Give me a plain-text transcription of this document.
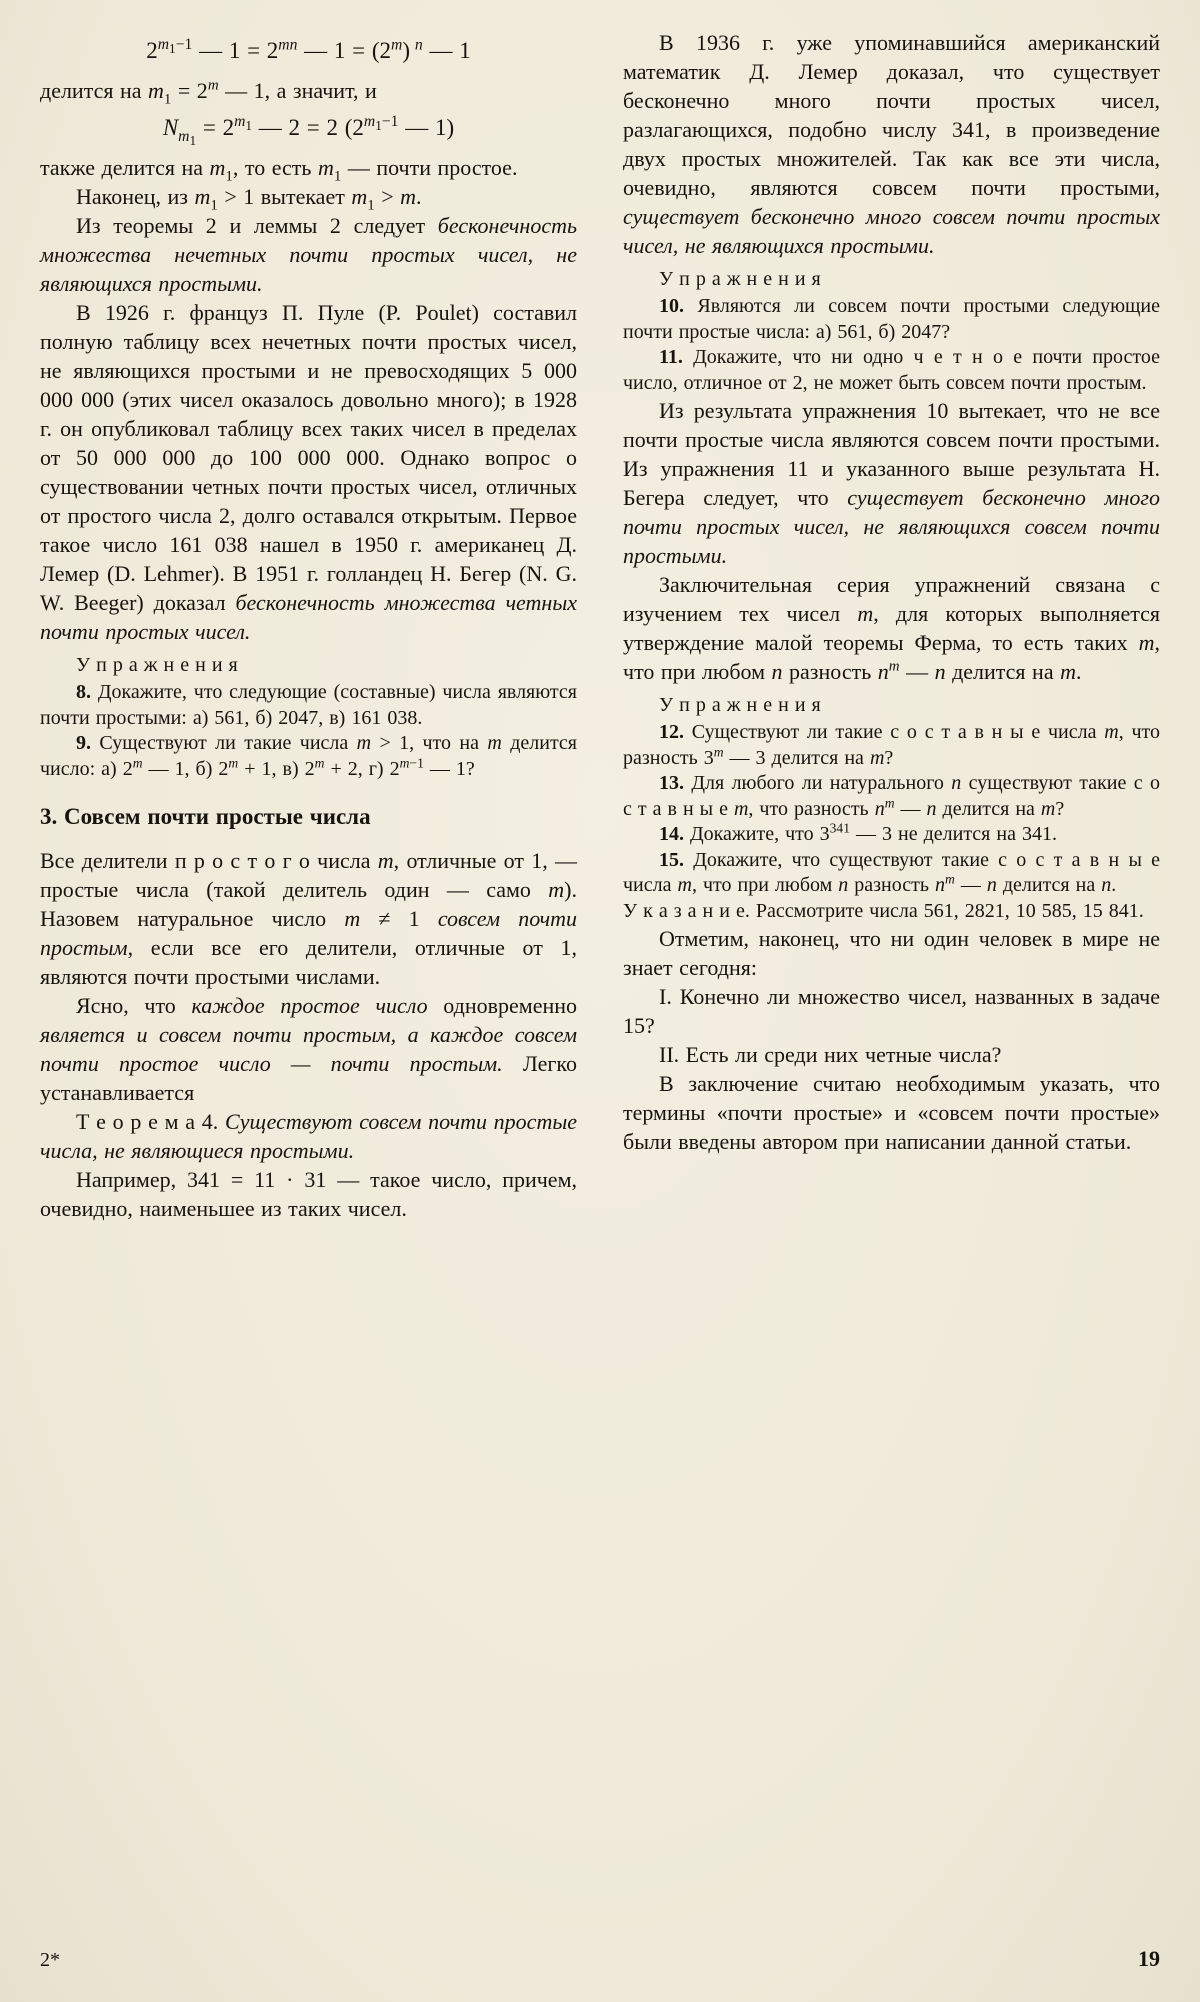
$2^{m_1-1}$ — $1 = 2^{mn}$ — $1 = (2^m)$ $^n$ — 1
делится на $m_1 = 2^m$ — 1, а значит, и
$N_{m_1} = 2^{m_1}$ — 2 = 2 ($2^{m_1-1}$ — 1)
также делится на $m_1$, то есть $m_1$ — почти простое.
Наконец, из $m_1 > 1$ вытекает $m_1 > m$.
Из теоремы 2 и леммы 2 следует бесконечность множества нечетных почти простых чисел, не являющихся простыми.
В 1926 г. француз П. Пуле (P. Poulet) составил полную таблицу всех нечетных почти простых чисел, не являющихся простыми и не превосходящих 5 000 000 000 (этих чисел оказалось довольно много); в 1928 г. он опубликовал таблицу всех таких чисел в пределах от 50 000 000 до 100 000 000. Однако вопрос о существовании четных почти простых чисел, отличных от простого числа 2, долго оставался открытым. Первое такое число 161 038 нашел в 1950 г. американец Д. Лемер (D. Lehmer). В 1951 г. голландец Н. Бегер (N. G. W. Beeger) доказал бесконечность множества четных почти простых чисел.
У п р а ж н е н и я
8. Докажите, что следующие (составные) числа являются почти простыми: а) 561, б) 2047, в) 161 038.
9. Существуют ли такие числа m > 1, что на m делится число: а) 2$^m$ — 1, б) $2^m + 1$, в) $2^m + 2$, г) $2^{m-1}$ — 1?
3. Совсем почти простые числа
Все делители п р о с т о г о числа m, отличные от 1, — простые числа (такой делитель один — само m). Назовем натуральное число m ≠ 1 совсем почти простым, если все его делители, отличные от 1, являются почти простыми числами.
Ясно, что каждое простое число одновременно является и совсем почти простым, а каждое совсем почти простое число — почти простым. Легко устанавливается
Т е о р е м а 4. Существуют совсем почти простые числа, не являющиеся простыми.
Например, 341 = 11 · 31 — такое число, причем, очевидно, наименьшее из таких чисел.
В 1936 г. уже упоминавшийся американский математик Д. Лемер доказал, что существует бесконечно много почти простых чисел, разлагающихся, подобно числу 341, в произведение двух простых множителей. Так как все эти числа, очевидно, являются совсем почти простыми, существует бесконечно много совсем почти простых чисел, не являющихся простыми.
У п р а ж н е н и я
10. Являются ли совсем почти простыми следующие почти простые числа: а) 561, б) 2047?
11. Докажите, что ни одно ч е т н о е почти простое число, отличное от 2, не может быть совсем почти простым.
Из результата упражнения 10 вытекает, что не все почти простые числа являются совсем почти простыми. Из упражнения 11 и указанного выше результата Н. Бегера следует, что существует бесконечно много почти простых чисел, не являющихся совсем почти простыми.
Заключительная серия упражнений связана с изучением тех чисел m, для которых выполняется утверждение малой теоремы Ферма, то есть таких m, что при любом n разность $n^m$ — n делится на m.
У п р а ж н е н и я
12. Существуют ли такие с о с т а в н ы е числа m, что разность 3$^m$ — 3 делится на m?
13. Для любого ли натурального n существуют такие с о с т а в н ы е m, что разность $n^m$ — n делится на m?
14. Докажите, что $3^{341}$ — 3 не делится на 341.
15. Докажите, что существуют такие с о с т а в н ы е числа m, что при любом n разность $n^m$ — n делится на n.
У к а з а н и е. Рассмотрите числа 561, 2821, 10 585, 15 841.
Отметим, наконец, что ни один человек в мире не знает сегодня:
I. Конечно ли множество чисел, названных в задаче 15?
II. Есть ли среди них четные числа?
В заключение считаю необходимым указать, что термины «почти простые» и «совсем почти простые» были введены автором при написании данной статьи.
2*	19
